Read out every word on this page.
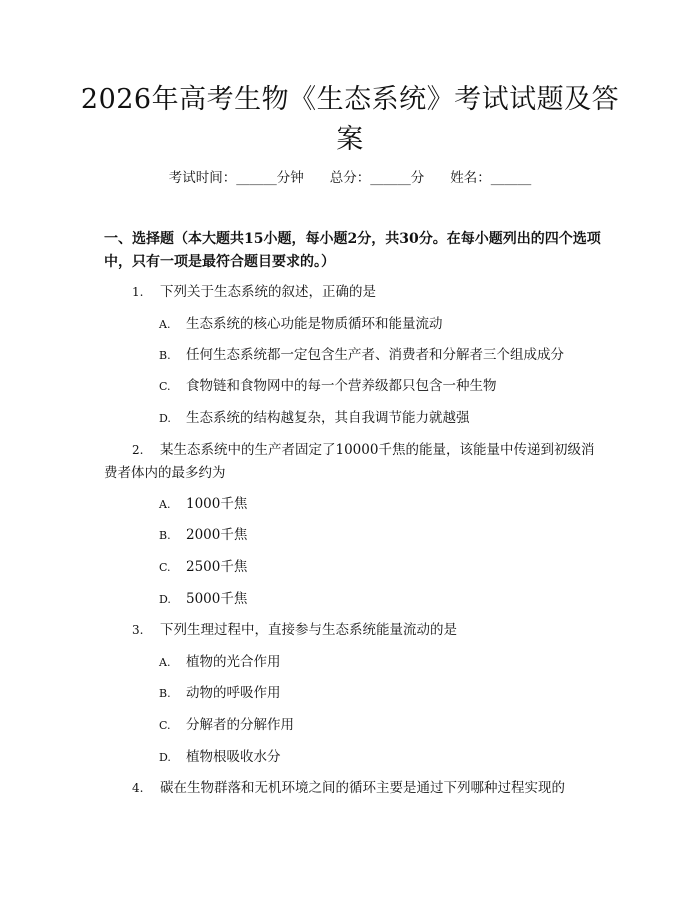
2026年高考生物《生态系统》考试试题及答案
考试时间：______分钟 总分：______分 姓名：______
一、选择题（本大题共15小题，每小题2分，共30分。在每小题列出的四个选项中，只有一项是最符合题目要求的。）
1. 下列关于生态系统的叙述，正确的是
A. 生态系统的核心功能是物质循环和能量流动
B. 任何生态系统都一定包含生产者、消费者和分解者三个组成成分
C. 食物链和食物网中的每一个营养级都只包含一种生物
D. 生态系统的结构越复杂，其自我调节能力就越强
2. 某生态系统中的生产者固定了10000千焦的能量，该能量中传递到初级消费者体内的最多约为
A. 1000千焦
B. 2000千焦
C. 2500千焦
D. 5000千焦
3. 下列生理过程中，直接参与生态系统能量流动的是
A. 植物的光合作用
B. 动物的呼吸作用
C. 分解者的分解作用
D. 植物根吸收水分
4. 碳在生物群落和无机环境之间的循环主要是通过下列哪种过程实现的
